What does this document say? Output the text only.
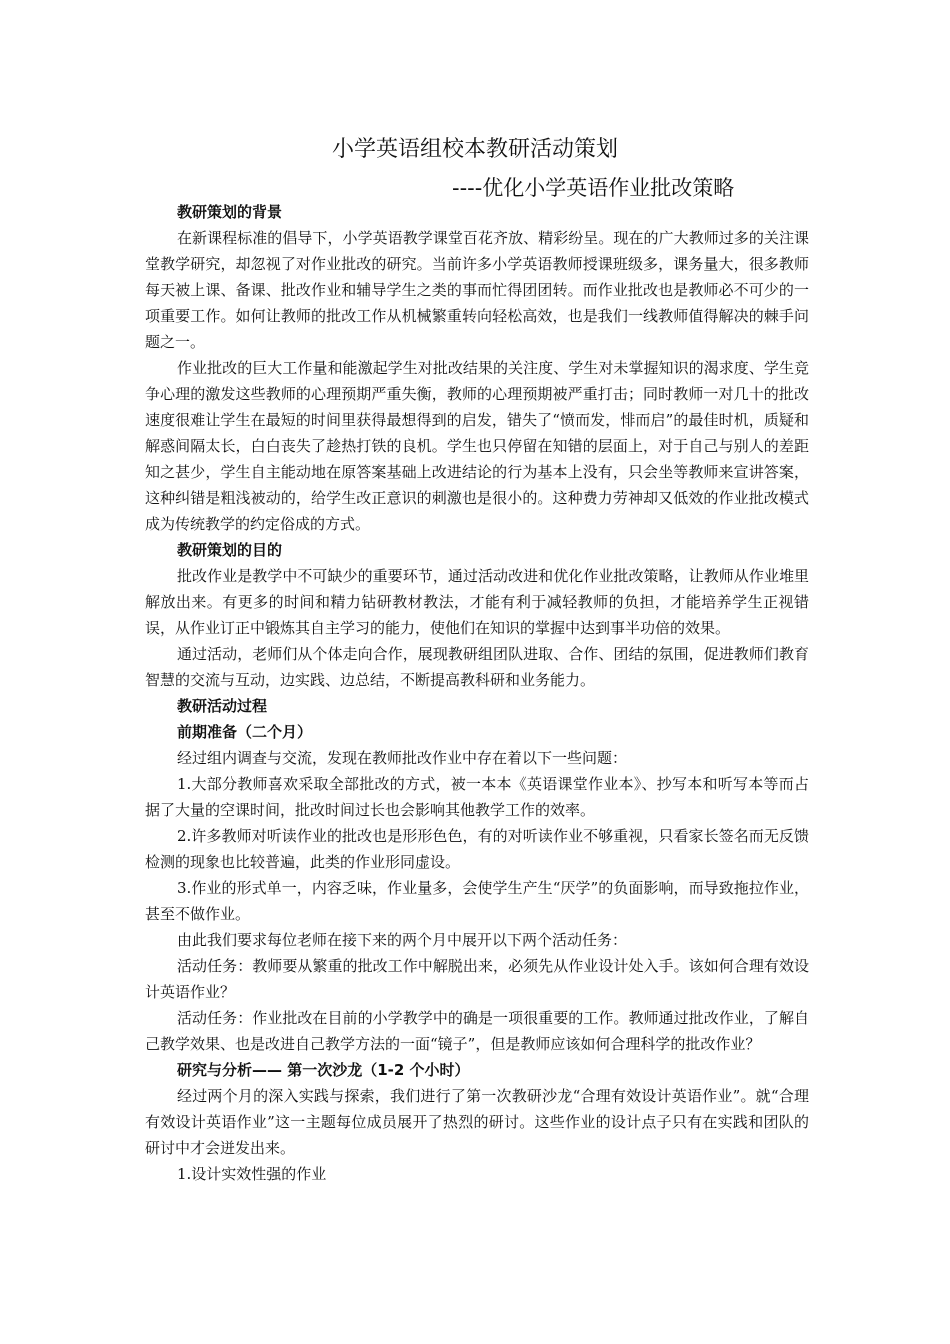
小学英语组校本教研活动策划
----优化小学英语作业批改策略
教研策划的背景

在新课程标准的倡导下，小学英语教学课堂百花齐放、精彩纷呈。现在的广大教师过多的关注课堂教学研究，却忽视了对作业批改的研究。当前许多小学英语教师授课班级多，课务量大，很多教师每天被上课、备课、批改作业和辅导学生之类的事而忙得团团转。而作业批改也是教师必不可少的一项重要工作。如何让教师的批改工作从机械繁重转向轻松高效，也是我们一线教师值得解决的棘手问题之一。

作业批改的巨大工作量和能激起学生对批改结果的关注度、学生对未掌握知识的渴求度、学生竞争心理的激发这些教师的心理预期严重失衡，教师的心理预期被严重打击；同时教师一对几十的批改速度很难让学生在最短的时间里获得最想得到的启发，错失了“愤而发，悱而启”的最佳时机，质疑和解惑间隔太长，白白丧失了趁热打铁的良机。学生也只停留在知错的层面上，对于自己与别人的差距知之甚少，学生自主能动地在原答案基础上改进结论的行为基本上没有，只会坐等教师来宣讲答案，这种纠错是粗浅被动的，给学生改正意识的刺激也是很小的。这种费力劳神却又低效的作业批改模式成为传统教学的约定俗成的方式。

教研策划的目的

批改作业是教学中不可缺少的重要环节，通过活动改进和优化作业批改策略，让教师从作业堆里解放出来。有更多的时间和精力钻研教材教法，才能有利于减轻教师的负担，才能培养学生正视错误，从作业订正中锻炼其自主学习的能力，使他们在知识的掌握中达到事半功倍的效果。

通过活动，老师们从个体走向合作，展现教研组团队进取、合作、团结的氛围，促进教师们教育智慧的交流与互动，边实践、边总结，不断提高教科研和业务能力。

教研活动过程
前期准备（二个月）

经过组内调查与交流，发现在教师批改作业中存在着以下一些问题：

1.大部分教师喜欢采取全部批改的方式，被一本本《英语课堂作业本》、抄写本和听写本等而占据了大量的空课时间，批改时间过长也会影响其他教学工作的效率。

2.许多教师对听读作业的批改也是形形色色，有的对听读作业不够重视，只看家长签名而无反馈检测的现象也比较普遍，此类的作业形同虚设。

3.作业的形式单一，内容乏味，作业量多，会使学生产生“厌学”的负面影响，而导致拖拉作业，甚至不做作业。

由此我们要求每位老师在接下来的两个月中展开以下两个活动任务：

活动任务：教师要从繁重的批改工作中解脱出来，必须先从作业设计处入手。该如何合理有效设计英语作业？

活动任务：作业批改在目前的小学教学中的确是一项很重要的工作。教师通过批改作业，了解自己教学效果、也是改进自己教学方法的一面“镜子”，但是教师应该如何合理科学的批改作业？

研究与分析—— 第一次沙龙（1-2 个小时）

经过两个月的深入实践与探索，我们进行了第一次教研沙龙“合理有效设计英语作业”。就“合理有效设计英语作业”这一主题每位成员展开了热烈的研讨。这些作业的设计点子只有在实践和团队的研讨中才会迸发出来。

1.设计实效性强的作业
